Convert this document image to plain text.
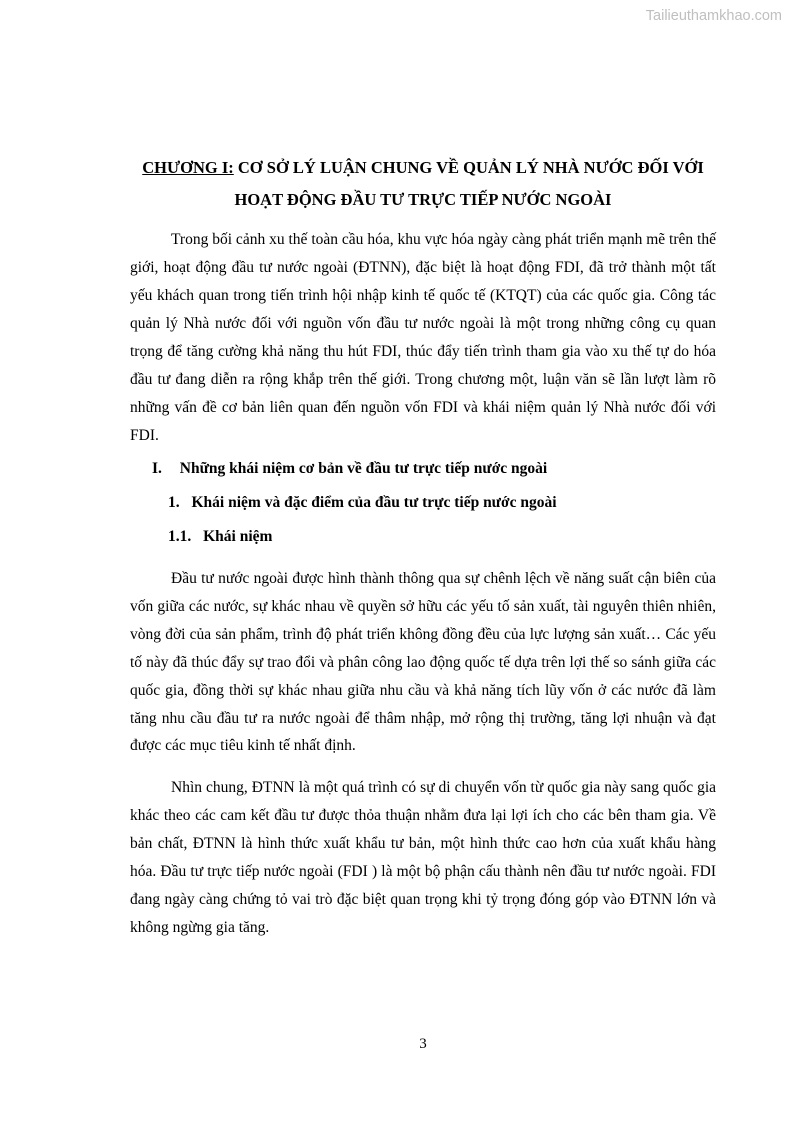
Tailieuthamkhao.com
CHƯƠNG I: CƠ SỞ LÝ LUẬN CHUNG VỀ QUẢN LÝ NHÀ NƯỚC ĐỐI VỚI
HOẠT ĐỘNG ĐẦU TƯ TRỰC TIẾP NƯỚC NGOÀI

Trong bối cảnh xu thế toàn cầu hóa, khu vực hóa ngày càng phát triển mạnh mẽ trên thế giới, hoạt động đầu tư nước ngoài (ĐTNN), đặc biệt là hoạt động FDI, đã trở thành một tất yếu khách quan trong tiến trình hội nhập kinh tế quốc tế (KTQT) của các quốc gia. Công tác quản lý Nhà nước đối với nguồn vốn đầu tư nước ngoài là một trong những công cụ quan trọng để tăng cường khả năng thu hút FDI, thúc đẩy tiến trình tham gia vào xu thế tự do hóa đầu tư đang diễn ra rộng khắp trên thế giới. Trong chương một, luận văn sẽ lần lượt làm rõ những vấn đề cơ bản liên quan đến nguồn vốn FDI và khái niệm quản lý Nhà nước đối với FDI.

I. Những khái niệm cơ bản về đầu tư trực tiếp nước ngoài
1. Khái niệm và đặc điểm của đầu tư trực tiếp nước ngoài
1.1. Khái niệm

Đầu tư nước ngoài được hình thành thông qua sự chênh lệch về năng suất cận biên của vốn giữa các nước, sự khác nhau về quyền sở hữu các yếu tố sản xuất, tài nguyên thiên nhiên, vòng đời của sản phẩm, trình độ phát triển không đồng đều của lực lượng sản xuất… Các yếu tố này đã thúc đẩy sự trao đổi và phân công lao động quốc tế dựa trên lợi thế so sánh giữa các quốc gia, đồng thời sự khác nhau giữa nhu cầu và khả năng tích lũy vốn ở các nước đã làm tăng nhu cầu đầu tư ra nước ngoài để thâm nhập, mở rộng thị trường, tăng lợi nhuận và đạt được các mục tiêu kinh tế nhất định.

Nhìn chung, ĐTNN là một quá trình có sự di chuyển vốn từ quốc gia này sang quốc gia khác theo các cam kết đầu tư được thỏa thuận nhằm đưa lại lợi ích cho các bên tham gia. Về bản chất, ĐTNN là hình thức xuất khẩu tư bản, một hình thức cao hơn của xuất khẩu hàng hóa. Đầu tư trực tiếp nước ngoài (FDI ) là một bộ phận cấu thành nên đầu tư nước ngoài. FDI đang ngày càng chứng tỏ vai trò đặc biệt quan trọng khi tỷ trọng đóng góp vào ĐTNN lớn và không ngừng gia tăng.

3
